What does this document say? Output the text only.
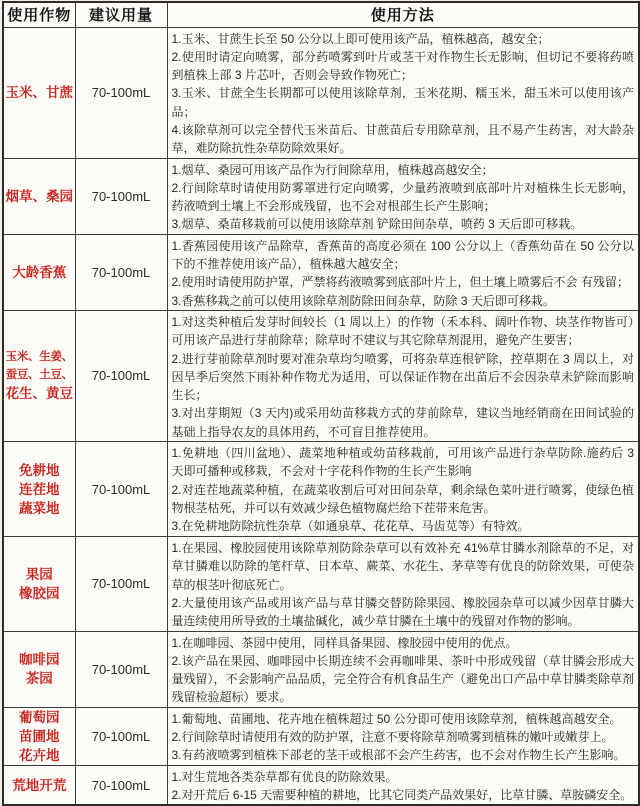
使用作物	建议用量	使用方法

玉米、甘蔗	70-100mL	1.玉米、甘蔗生长至 50 公分以上即可使用该产品，植株越高，越安全；
2.使用时请定向喷雾，部分药喷雾到叶片或茎干对作物生长无影响，但切记不要将药喷到植株上部 3 片芯叶，否则会导致作物死亡；
3.玉米、甘蔗全生长期都可以使用该除草剂，玉米花期、糯玉米，甜玉米可以使用该产品；
4.该除草剂可以完全替代玉米苗后、甘蔗苗后专用除草剂，且不易产生药害，对大龄杂草，难防除抗性杂草防除效果好。

烟草、桑园	70-100mL	1.烟草、桑园可用该产品作为行间除草用，植株越高越安全；
2.行间除草时请使用防雾罩进行定向喷雾，少量药液喷到底部叶片对植株生长无影响，药液喷到土壤上不会形成残留，也不会对根部生长产生影响；
3.烟草、桑苗移栽前可以使用该除草剂 铲除田间杂草，喷药 3 天后即可移栽。

大龄香蕉	70-100mL	1.香蕉园使用该产品除草，香蕉苗的高度必须在 100 公分以上（香蕉幼苗在 50 公分以下的不推荐使用该产品），植株越大越安全；
2.使用时请使用防护罩，严禁将药液喷雾到底部叶片上，但土壤上喷雾后不会 有残留；
3.香蕉移栽之前可以使用该除草剂防除田间杂草，防除 3 天后即可移栽。

玉米、生姜、
蚕豆、土豆、
花生、黄豆
	70-100mL	
1.对这类种植后发芽时间较长（1 周以上）的作物（禾本科、阔叶作物、块茎作物皆可）可用该产品进行芽前除草；除草时不建议与其它除草剂混用，避免产生要害；
2.进行芽前除草剂时要对准杂草均匀喷雾，可将杂草连根铲除，控草期在 3 周以上，对因旱季后突然下雨补种作物尤为适用，可以保证作物在出苗后不会因杂草未铲除而影响生长；
3.对出芽期短（3 天内)或采用幼苗移栽方式的芽前除草，建议当地经销商在田间试验的基础上指导农友的具体用药，不可盲目推荐使用。

免耕地
连茬地
蔬菜地
	70-100mL	
1.免耕地（四川盆地）、蔬菜地种植或幼苗移栽前，可用该产品进行杂草防除.施药后 3 天即可播种或移栽，不会对十字花科作物的生长产生影响
2.对连茬地蔬菜种植，在蔬菜收割后可对田间杂草，剩余绿色菜叶进行喷雾，使绿色植物根茎枯死，并可以有效减少绿色植物腐烂给下茬带来危害。
3.在免耕地防除抗性杂草（如通泉草、花花草、马齿苋等）有特效。

果园
橡胶园
	70-100mL	
1.在果园、橡胶园使用该除草剂防除杂草可以有效补充 41%草甘膦水剂除草的不足，对草甘膦难以防除的笔杆草、日本草、蕨菜、水花生、茅草等有优良的防除效果，可使杂草的根茎叶彻底死亡。
2.大量使用该产品或用该产品与草甘膦交替防除果园、橡胶园杂草可以减少因草甘膦大量连续使用所导致的土壤盐碱化，减少草甘膦在土壤中的残留对作物的影响。

咖啡园
茶园
	70-100mL	
1.在咖啡园、茶园中使用，同样具备果园、橡胶园中使用的优点。
2.该产品在果园、咖啡园中长期连续不会再咖啡果、茶叶中形成残留（草甘膦会形成大量残留），不会影响产品品质，完全符合有机食品生产（避免出口产品中草甘膦类除草剂残留检验超标）要求。

葡萄园
苗圃地
花卉地
	70-100mL	
1.葡萄地、苗圃地、花卉地在植株超过 50 公分即可使用该除草剂，植株越高越安全。
2.行间除草时请使用有效的防护罩，注意不要将除草剂喷雾到植株的嫩叶或嫩芽上。
3.有药液喷雾到植株下部老的茎干或根部不会产生药害，也不会对作物生长产生影响。

荒地开荒	70-100mL	1.对生荒地各类杂草都有优良的防除效果。
2.对开荒后 6-15 天需要种植的耕地，比其它同类产品效果好，比草甘膦、草胺磷安全。
